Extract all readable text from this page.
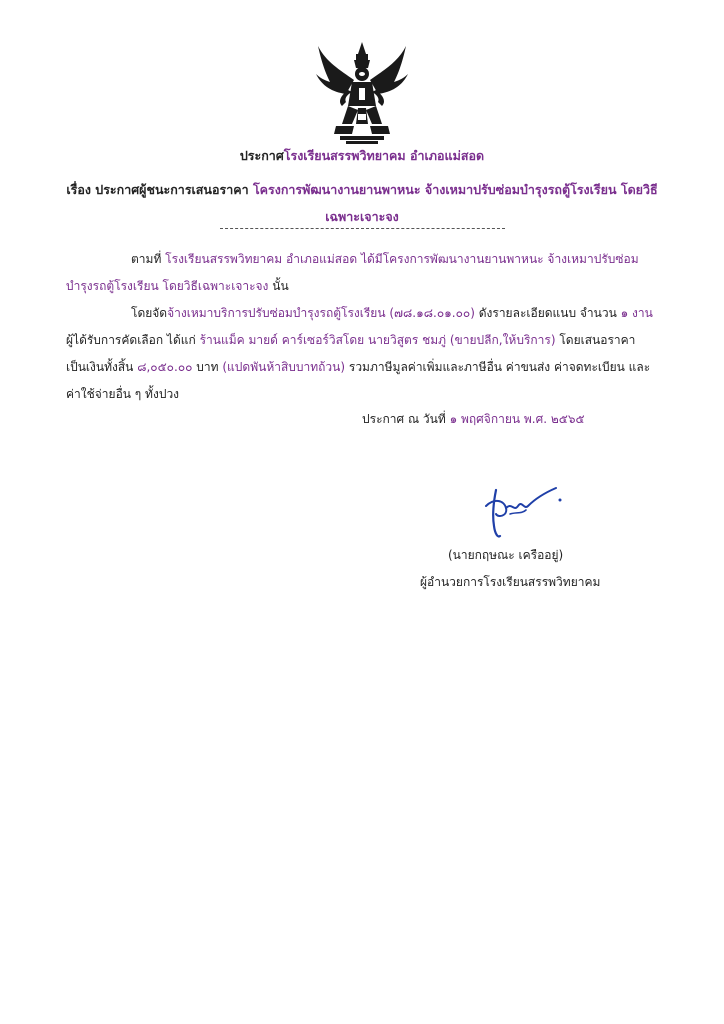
ประกาศโรงเรียนสรรพวิทยาคม อำเภอแม่สอด
เรื่อง ประกาศผู้ชนะการเสนอราคา โครงการพัฒนางานยานพาหนะ จ้างเหมาปรับซ่อมบำรุงรถตู้โรงเรียน โดยวิธีเฉพาะเจาะจง
ตามที่ โรงเรียนสรรพวิทยาคม อำเภอแม่สอด ได้มีโครงการพัฒนางานยานพาหนะ จ้างเหมาปรับซ่อมบำรุงรถตู้โรงเรียน โดยวิธีเฉพาะเจาะจง นั้น
โดยจัดจ้างเหมาบริการปรับซ่อมบำรุงรถตู้โรงเรียน (๗๘.๑๘.๐๑.๐๐) ดังรายละเอียดแนบ จำนวน ๑ งาน ผู้ได้รับการคัดเลือก ได้แก่ ร้านแม็ค มายด์ คาร์เซอร์วิสโดย นายวิสูตร ชมภู่ (ขายปลีก,ให้บริการ) โดยเสนอราคา เป็นเงินทั้งสิ้น ๘,๐๕๐.๐๐ บาท (แปดพันห้าสิบบาทถ้วน) รวมภาษีมูลค่าเพิ่มและภาษีอื่น ค่าขนส่ง ค่าจดทะเบียน และค่าใช้จ่ายอื่น ๆ ทั้งปวง
ประกาศ ณ วันที่ ๑ พฤศจิกายน พ.ศ. ๒๕๖๕
(นายกฤษณะ เครืออยู่)
ผู้อำนวยการโรงเรียนสรรพวิทยาคม
